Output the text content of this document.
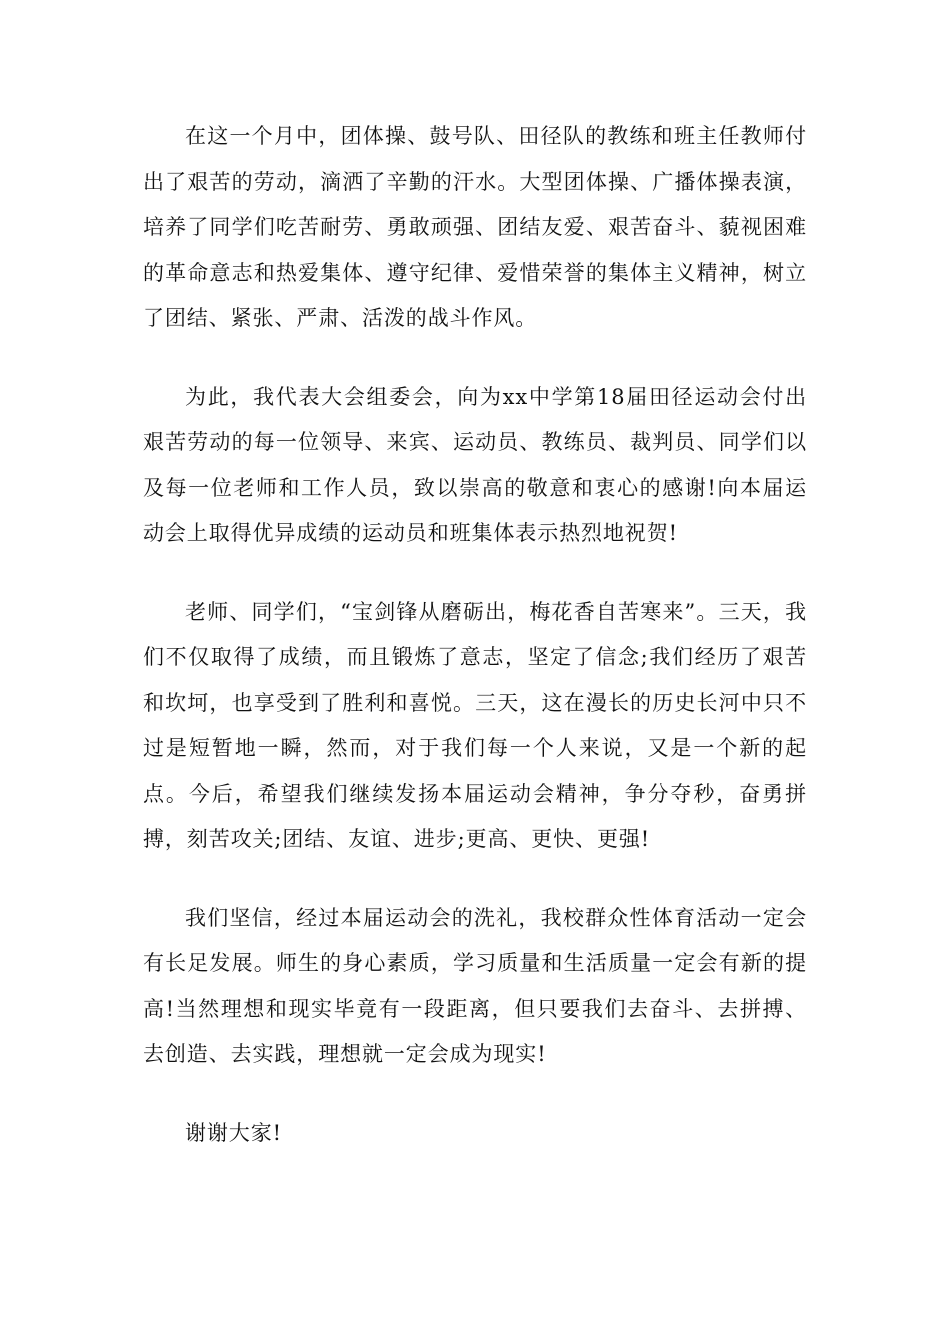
在这一个月中，团体操、鼓号队、田径队的教练和班主任教师付出了艰苦的劳动，滴洒了辛勤的汗水。大型团体操、广播体操表演，培养了同学们吃苦耐劳、勇敢顽强、团结友爱、艰苦奋斗、藐视困难的革命意志和热爱集体、遵守纪律、爱惜荣誉的集体主义精神，树立了团结、紧张、严肃、活泼的战斗作风。

为此，我代表大会组委会，向为xx中学第18届田径运动会付出艰苦劳动的每一位领导、来宾、运动员、教练员、裁判员、同学们以及每一位老师和工作人员，致以崇高的敬意和衷心的感谢!向本届运动会上取得优异成绩的运动员和班集体表示热烈地祝贺!

老师、同学们，“宝剑锋从磨砺出，梅花香自苦寒来”。三天，我们不仅取得了成绩，而且锻炼了意志，坚定了信念;我们经历了艰苦和坎坷，也享受到了胜利和喜悦。三天，这在漫长的历史长河中只不过是短暂地一瞬，然而，对于我们每一个人来说，又是一个新的起点。今后，希望我们继续发扬本届运动会精神，争分夺秒，奋勇拼搏，刻苦攻关;团结、友谊、进步;更高、更快、更强!

我们坚信，经过本届运动会的洗礼，我校群众性体育活动一定会有长足发展。师生的身心素质，学习质量和生活质量一定会有新的提高!当然理想和现实毕竟有一段距离，但只要我们去奋斗、去拼搏、去创造、去实践，理想就一定会成为现实!

谢谢大家!
